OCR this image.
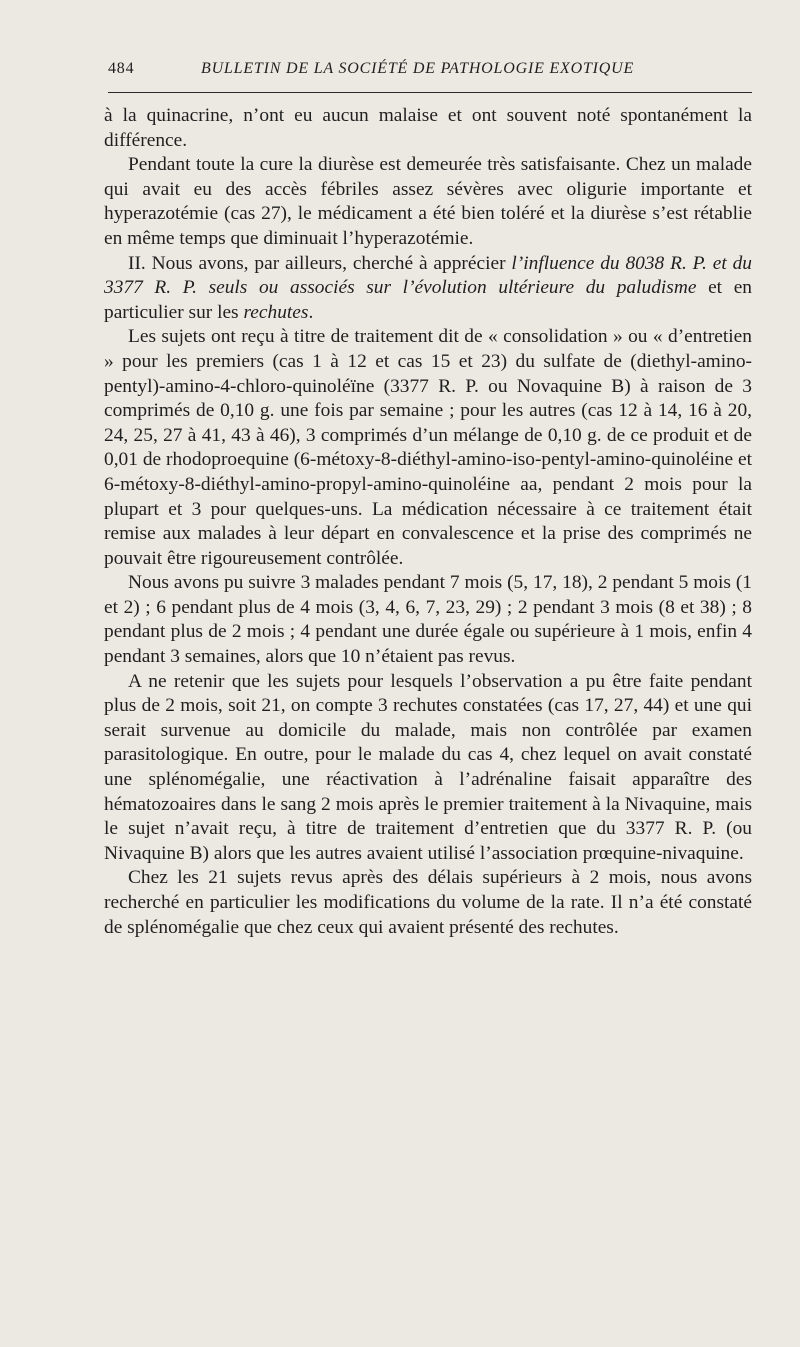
484	BULLETIN DE LA SOCIÉTÉ DE PATHOLOGIE EXOTIQUE

à la quinacrine, n’ont eu aucun malaise et ont souvent noté spontanément la différence.

Pendant toute la cure la diurèse est demeurée très satisfaisante. Chez un malade qui avait eu des accès fébriles assez sévères avec oligurie importante et hyperazotémie (cas 27), le médicament a été bien toléré et la diurèse s’est rétablie en même temps que diminuait l’hyperazotémie.

II. Nous avons, par ailleurs, cherché à apprécier l’influence du 8038 R. P. et du 3377 R. P. seuls ou associés sur l’évolution ultérieure du paludisme et en particulier sur les rechutes.

Les sujets ont reçu à titre de traitement dit de « consolidation » ou « d’entretien » pour les premiers (cas 1 à 12 et cas 15 et 23) du sulfate de (diethyl-amino-pentyl)-amino-4-chloro-quinoléïne (3377 R. P. ou Novaquine B) à raison de 3 comprimés de 0,10 g. une fois par semaine ; pour les autres (cas 12 à 14, 16 à 20, 24, 25, 27 à 41, 43 à 46), 3 comprimés d’un mélange de 0,10 g. de ce produit et de 0,01 de rhodoproequine (6-métoxy-8-diéthyl-amino-iso-pentyl-amino-quinoléine et 6-métoxy-8-diéthyl-amino-propyl-amino-quinoléine aa, pendant 2 mois pour la plupart et 3 pour quelques-uns. La médication nécessaire à ce traitement était remise aux malades à leur départ en convalescence et la prise des comprimés ne pouvait être rigoureusement contrôlée.

Nous avons pu suivre 3 malades pendant 7 mois (5, 17, 18), 2 pendant 5 mois (1 et 2) ; 6 pendant plus de 4 mois (3, 4, 6, 7, 23, 29) ; 2 pendant 3 mois (8 et 38) ; 8 pendant plus de 2 mois ; 4 pendant une durée égale ou supérieure à 1 mois, enfin 4 pendant 3 semaines, alors que 10 n’étaient pas revus.

A ne retenir que les sujets pour lesquels l’observation a pu être faite pendant plus de 2 mois, soit 21, on compte 3 rechutes constatées (cas 17, 27, 44) et une qui serait survenue au domicile du malade, mais non contrôlée par examen parasitologique. En outre, pour le malade du cas 4, chez lequel on avait constaté une splénomégalie, une réactivation à l’adrénaline faisait apparaître des hématozoaires dans le sang 2 mois après le premier traitement à la Nivaquine, mais le sujet n’avait reçu, à titre de traitement d’entretien que du 3377 R. P. (ou Nivaquine B) alors que les autres avaient utilisé l’association prœquine-nivaquine.

Chez les 21 sujets revus après des délais supérieurs à 2 mois, nous avons recherché en particulier les modifications du volume de la rate. Il n’a été constaté de splénomégalie que chez ceux qui avaient présenté des rechutes.
